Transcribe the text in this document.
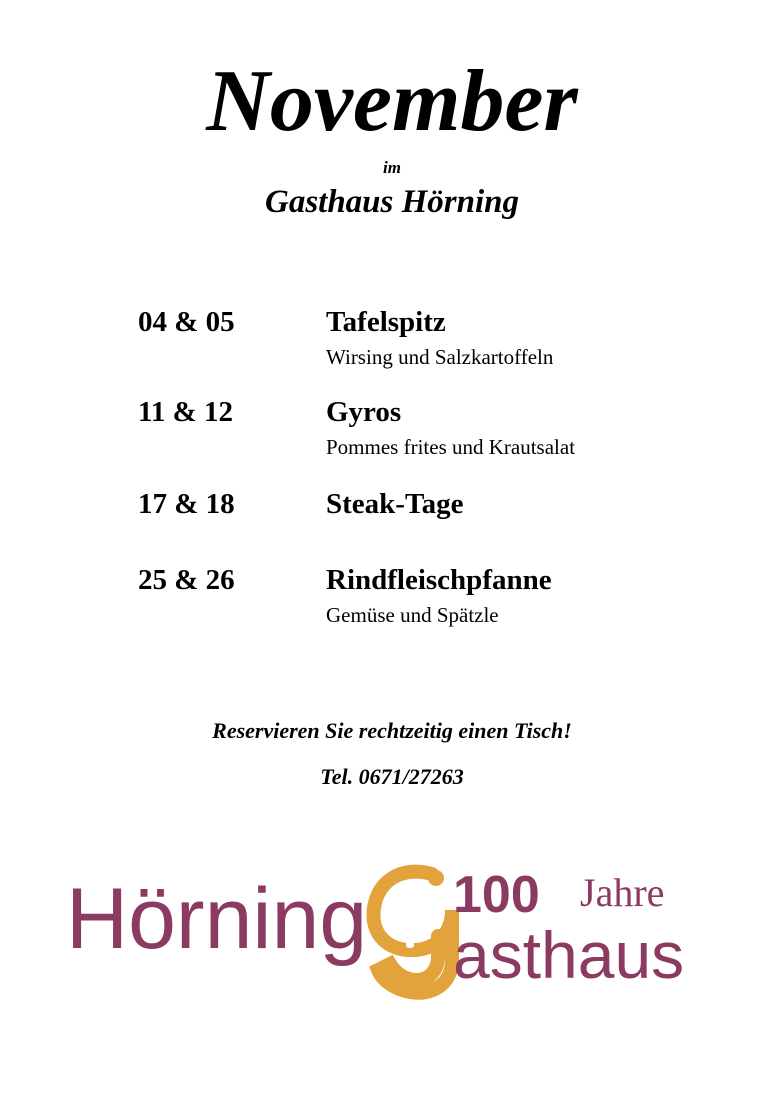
November
im
Gasthaus Hörning
04 & 05	Tafelspitz
Wirsing und Salzkartoffeln
11 & 12	Gyros
Pommes frites und Krautsalat
17 & 18	Steak-Tage
25 & 26	Rindfleischpfanne
Gemüse und Spätzle
Reservieren Sie rechtzeitig einen Tisch!
Tel. 0671/27263
Hörning 100 Jahre
asthaus
